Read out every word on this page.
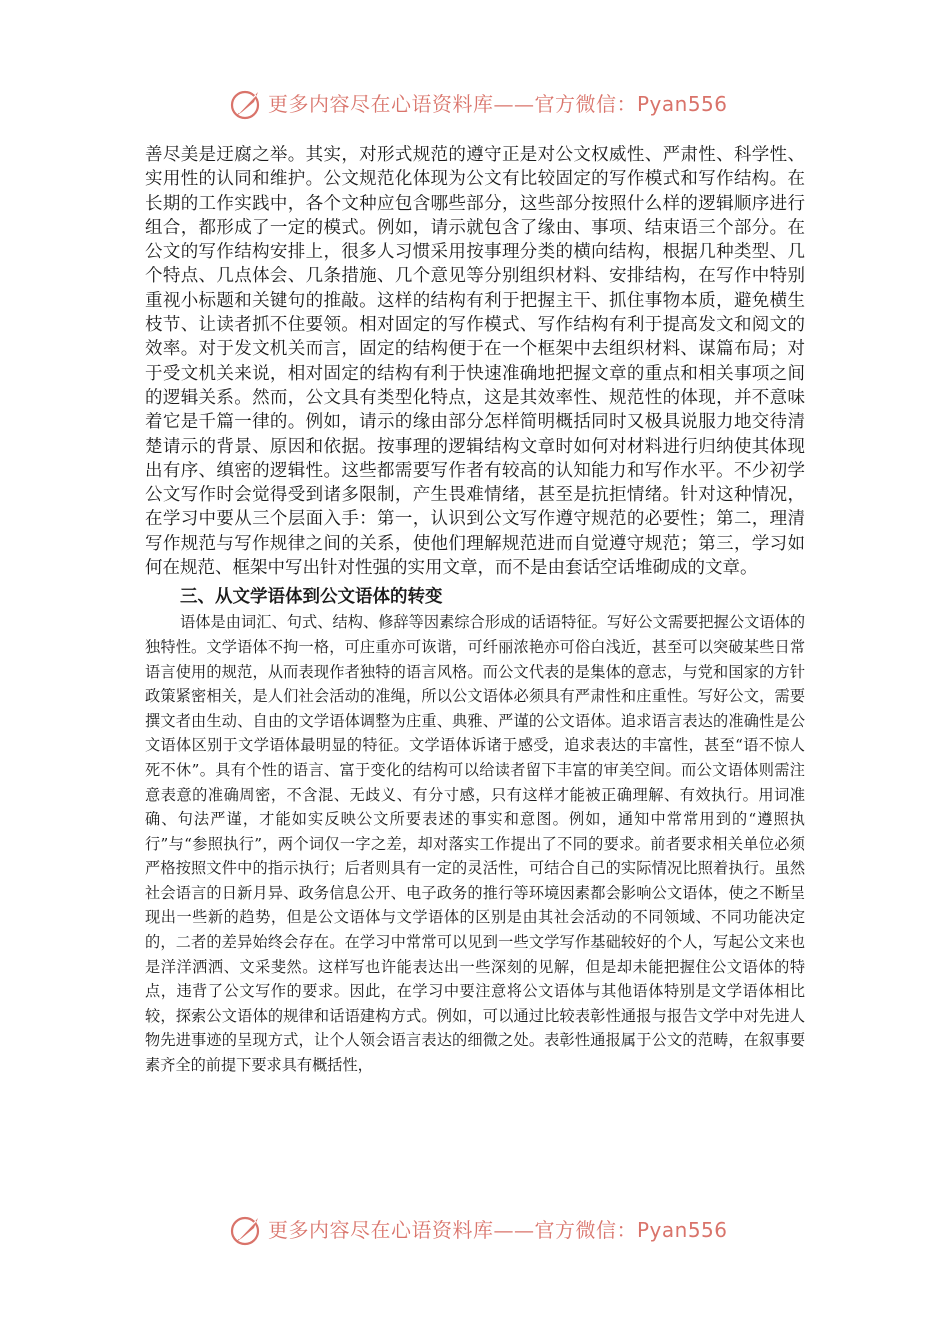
更多内容尽在心语资料库——官方微信：Pyan556

善尽美是迂腐之举。其实，对形式规范的遵守正是对公文权威性、严肃性、科学性、实用性的认同和维护。公文规范化体现为公文有比较固定的写作模式和写作结构。在长期的工作实践中，各个文种应包含哪些部分，这些部分按照什么样的逻辑顺序进行组合，都形成了一定的模式。例如，请示就包含了缘由、事项、结束语三个部分。在公文的写作结构安排上，很多人习惯采用按事理分类的横向结构，根据几种类型、几个特点、几点体会、几条措施、几个意见等分别组织材料、安排结构，在写作中特别重视小标题和关键句的推敲。这样的结构有利于把握主干、抓住事物本质，避免横生枝节、让读者抓不住要领。相对固定的写作模式、写作结构有利于提高发文和阅文的效率。对于发文机关而言，固定的结构便于在一个框架中去组织材料、谋篇布局；对于受文机关来说，相对固定的结构有利于快速准确地把握文章的重点和相关事项之间的逻辑关系。然而，公文具有类型化特点，这是其效率性、规范性的体现，并不意味着它是千篇一律的。例如，请示的缘由部分怎样简明概括同时又极具说服力地交待清楚请示的背景、原因和依据。按事理的逻辑结构文章时如何对材料进行归纳使其体现出有序、缜密的逻辑性。这些都需要写作者有较高的认知能力和写作水平。不少初学公文写作时会觉得受到诸多限制，产生畏难情绪，甚至是抗拒情绪。针对这种情况，在学习中要从三个层面入手：第一，认识到公文写作遵守规范的必要性；第二，理清写作规范与写作规律之间的关系，使他们理解规范进而自觉遵守规范；第三，学习如何在规范、框架中写出针对性强的实用文章，而不是由套话空话堆砌成的文章。

三、从文学语体到公文语体的转变

语体是由词汇、句式、结构、修辞等因素综合形成的话语特征。写好公文需要把握公文语体的独特性。文学语体不拘一格，可庄重亦可诙谐，可纤丽浓艳亦可俗白浅近，甚至可以突破某些日常语言使用的规范，从而表现作者独特的语言风格。而公文代表的是集体的意志，与党和国家的方针政策紧密相关，是人们社会活动的准绳，所以公文语体必须具有严肃性和庄重性。写好公文，需要撰文者由生动、自由的文学语体调整为庄重、典雅、严谨的公文语体。追求语言表达的准确性是公文语体区别于文学语体最明显的特征。文学语体诉诸于感受，追求表达的丰富性，甚至“语不惊人死不休”。具有个性的语言、富于变化的结构可以给读者留下丰富的审美空间。而公文语体则需注意表意的准确周密，不含混、无歧义、有分寸感，只有这样才能被正确理解、有效执行。用词准确、句法严谨，才能如实反映公文所要表述的事实和意图。例如，通知中常常用到的“遵照执行”与“参照执行”，两个词仅一字之差，却对落实工作提出了不同的要求。前者要求相关单位必须严格按照文件中的指示执行；后者则具有一定的灵活性，可结合自己的实际情况比照着执行。虽然社会语言的日新月异、政务信息公开、电子政务的推行等环境因素都会影响公文语体，使之不断呈现出一些新的趋势，但是公文语体与文学语体的区别是由其社会活动的不同领域、不同功能决定的，二者的差异始终会存在。在学习中常常可以见到一些文学写作基础较好的个人，写起公文来也是洋洋洒洒、文采斐然。这样写也许能表达出一些深刻的见解，但是却未能把握住公文语体的特点，违背了公文写作的要求。因此，在学习中要注意将公文语体与其他语体特别是文学语体相比较，探索公文语体的规律和话语建构方式。例如，可以通过比较表彰性通报与报告文学中对先进人物先进事迹的呈现方式，让个人领会语言表达的细微之处。表彰性通报属于公文的范畴，在叙事要素齐全的前提下要求具有概括性，

更多内容尽在心语资料库——官方微信：Pyan556
